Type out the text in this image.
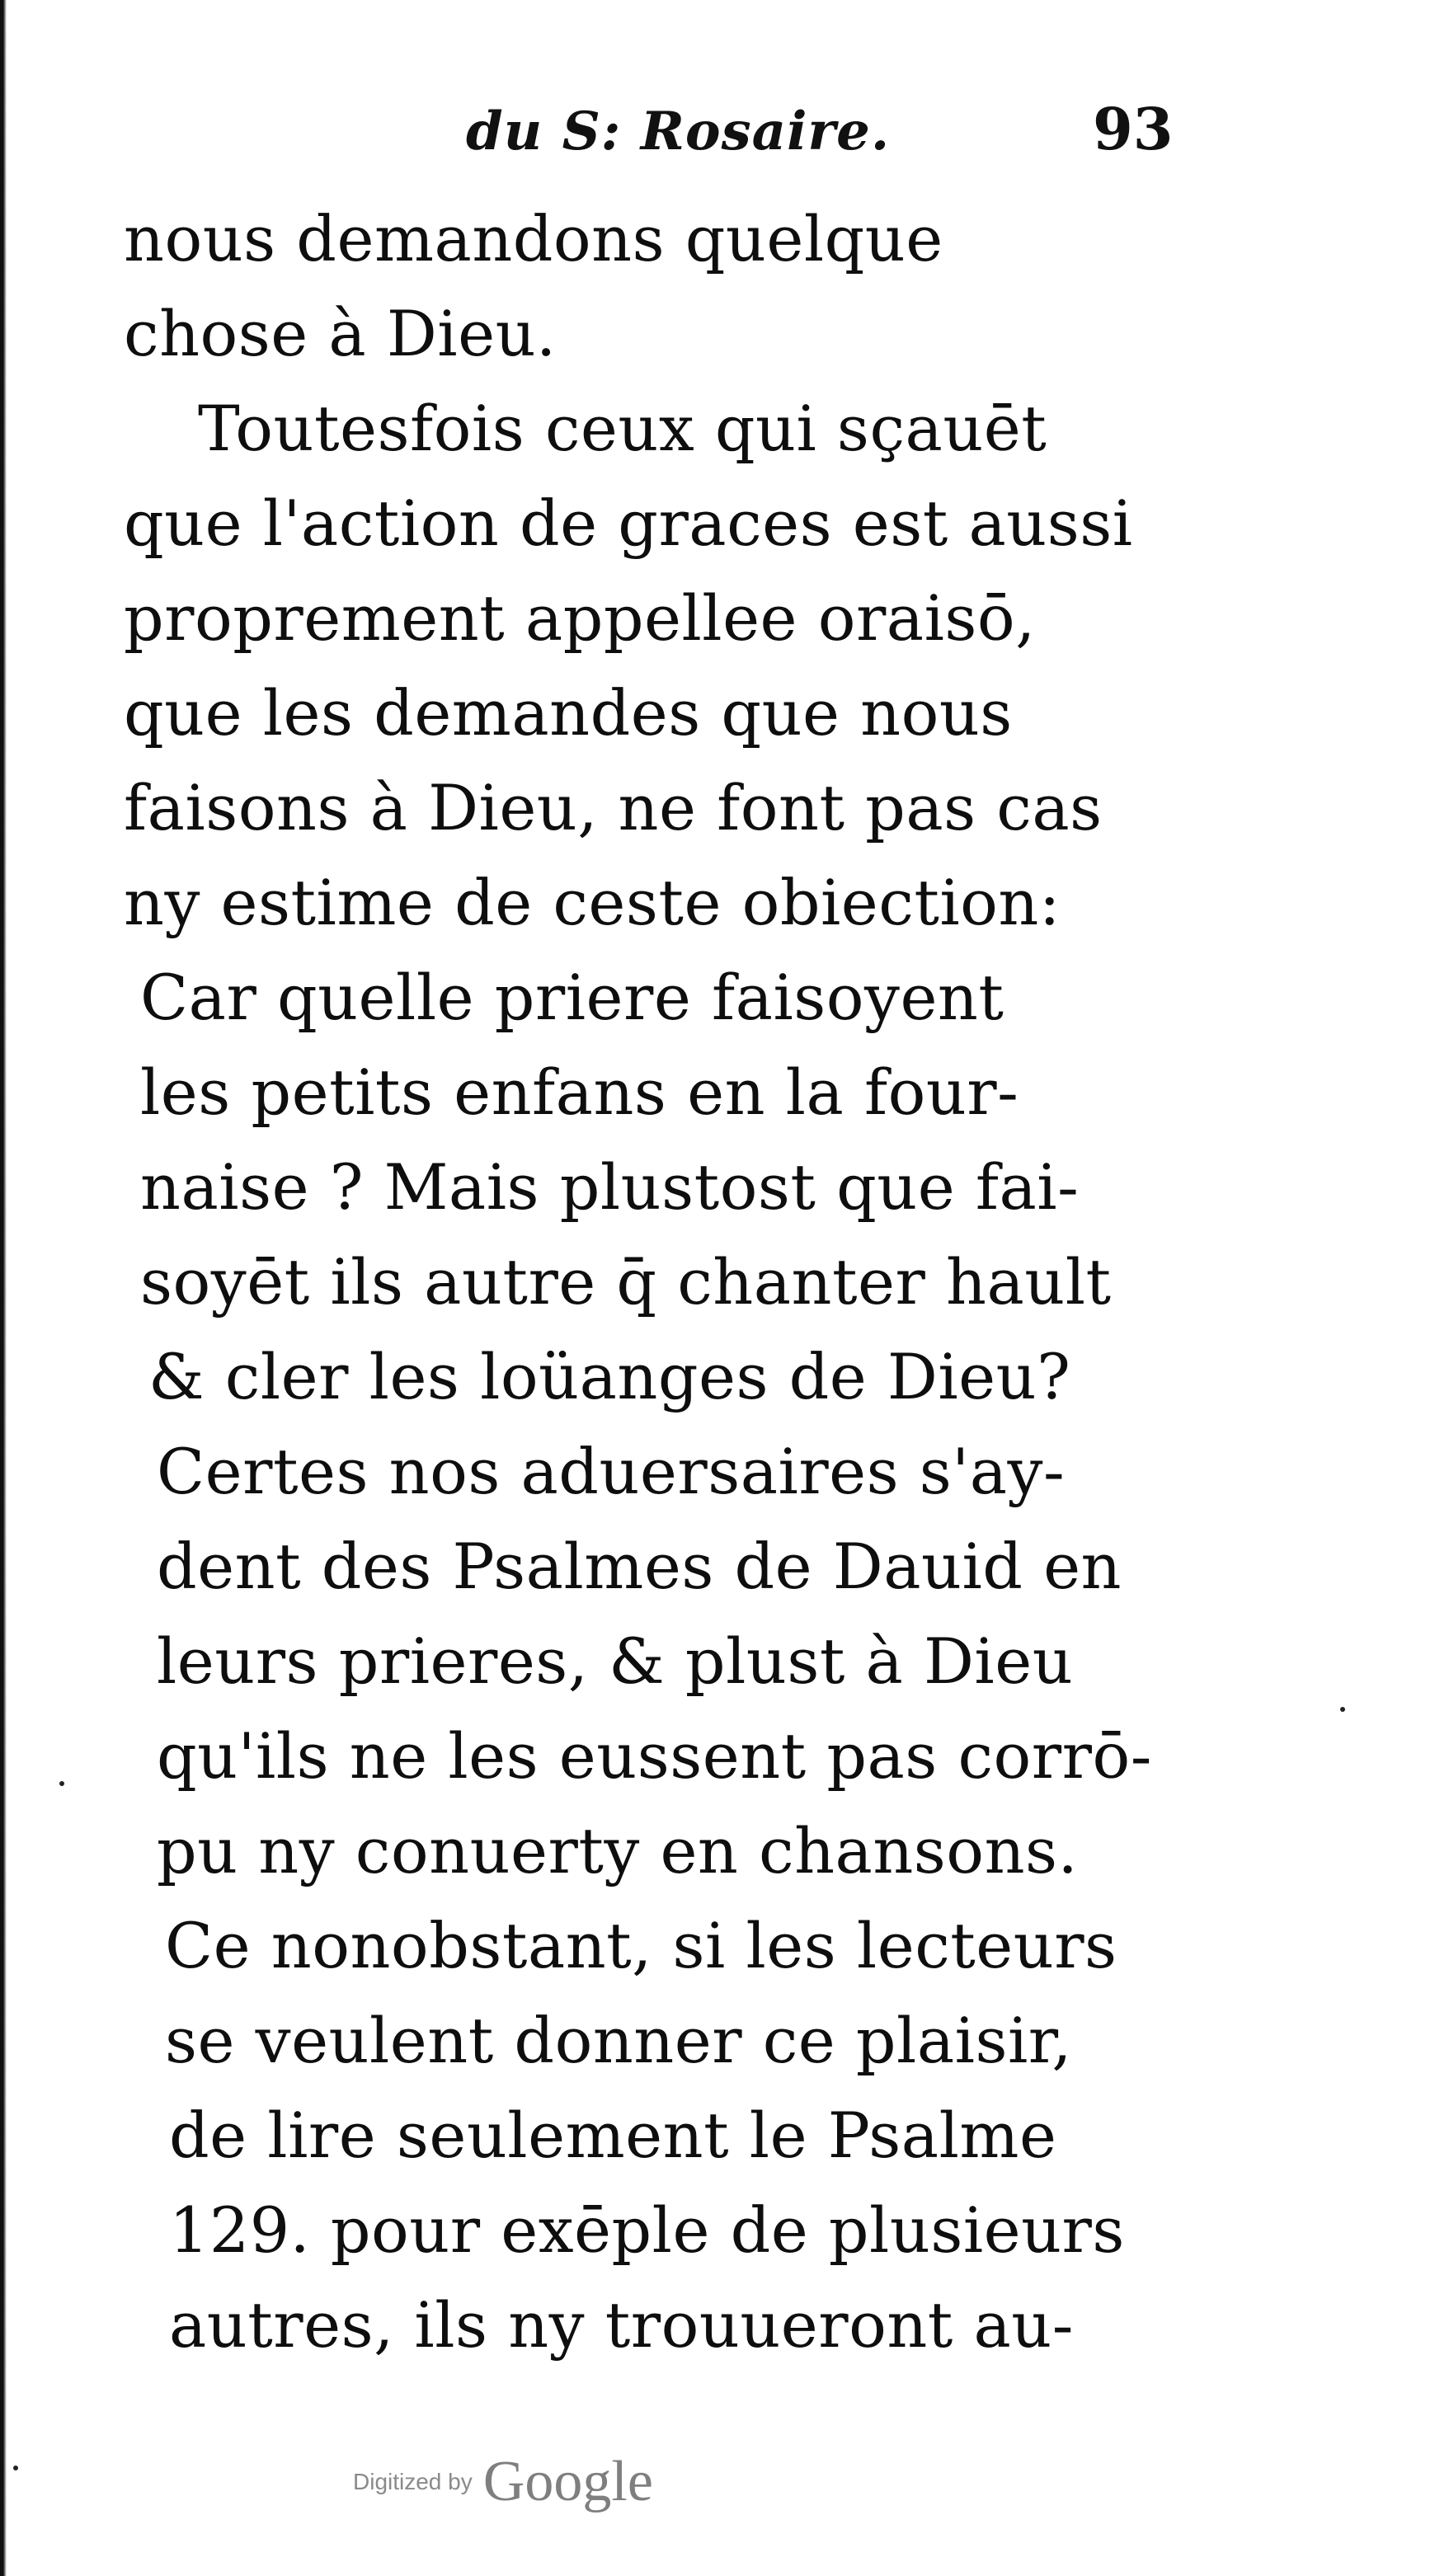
du S: Rosaire.	93
nous demandons quelque
chose à Dieu.
Toutesfois ceux qui sçauēt
que l'action de graces est aussi
proprement appellee oraisō,
que les demandes que nous
faisons à Dieu, ne font pas cas
ny estime de ceste obiection:
Car quelle priere faisoyent
les petits enfans en la four-
naise ? Mais plustost que fai-
soyēt ils autre q̄ chanter hault
& cler les loüanges de Dieu?
Certes nos aduersaires s'ay-
dent des Psalmes de Dauid en
leurs prieres, & plust à Dieu
qu'ils ne les eussent pas corrō-
pu ny conuerty en chansons.
Ce nonobstant, si les lecteurs
se veulent donner ce plaisir,
de lire seulement le Psalme
129. pour exēple de plusieurs
autres, ils ny trouueront au-
Digitized by Google
